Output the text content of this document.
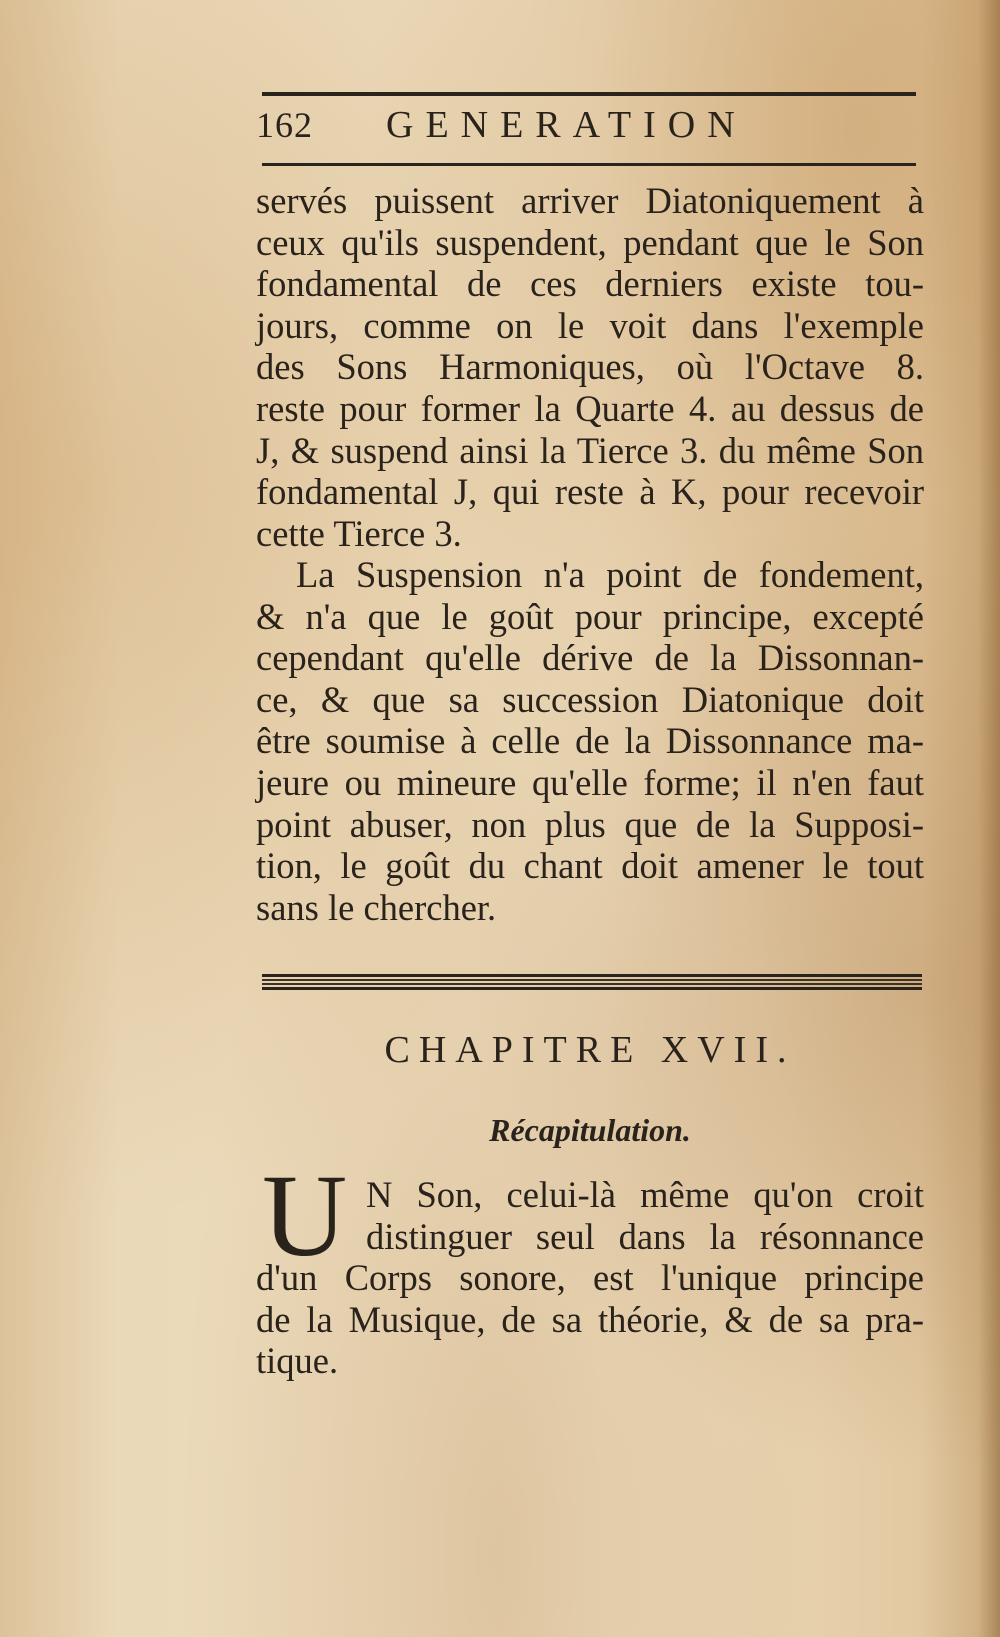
162 GENERATION
servés puissent arriver Diatoniquement à
ceux qu'ils suspendent, pendant que le Son
fondamental de ces derniers existe tou-
jours, comme on le voit dans l'exemple
des Sons Harmoniques, où l'Octave 8.
reste pour former la Quarte 4. au dessus de
J, & suspend ainsi la Tierce 3. du même Son
fondamental J, qui reste à K, pour recevoir
cette Tierce 3.
La Suspension n'a point de fondement,
& n'a que le goût pour principe, excepté
cependant qu'elle dérive de la Dissonnan-
ce, & que sa succession Diatonique doit
être soumise à celle de la Dissonnance ma-
jeure ou mineure qu'elle forme; il n'en faut
point abuser, non plus que de la Supposi-
tion, le goût du chant doit amener le tout
sans le chercher.
CHAPITRE XVII.
Récapitulation.
U N Son, celui-là même qu'on croit
distinguer seul dans la résonnance
d'un Corps sonore, est l'unique principe
de la Musique, de sa théorie, & de sa pra-
tique.
